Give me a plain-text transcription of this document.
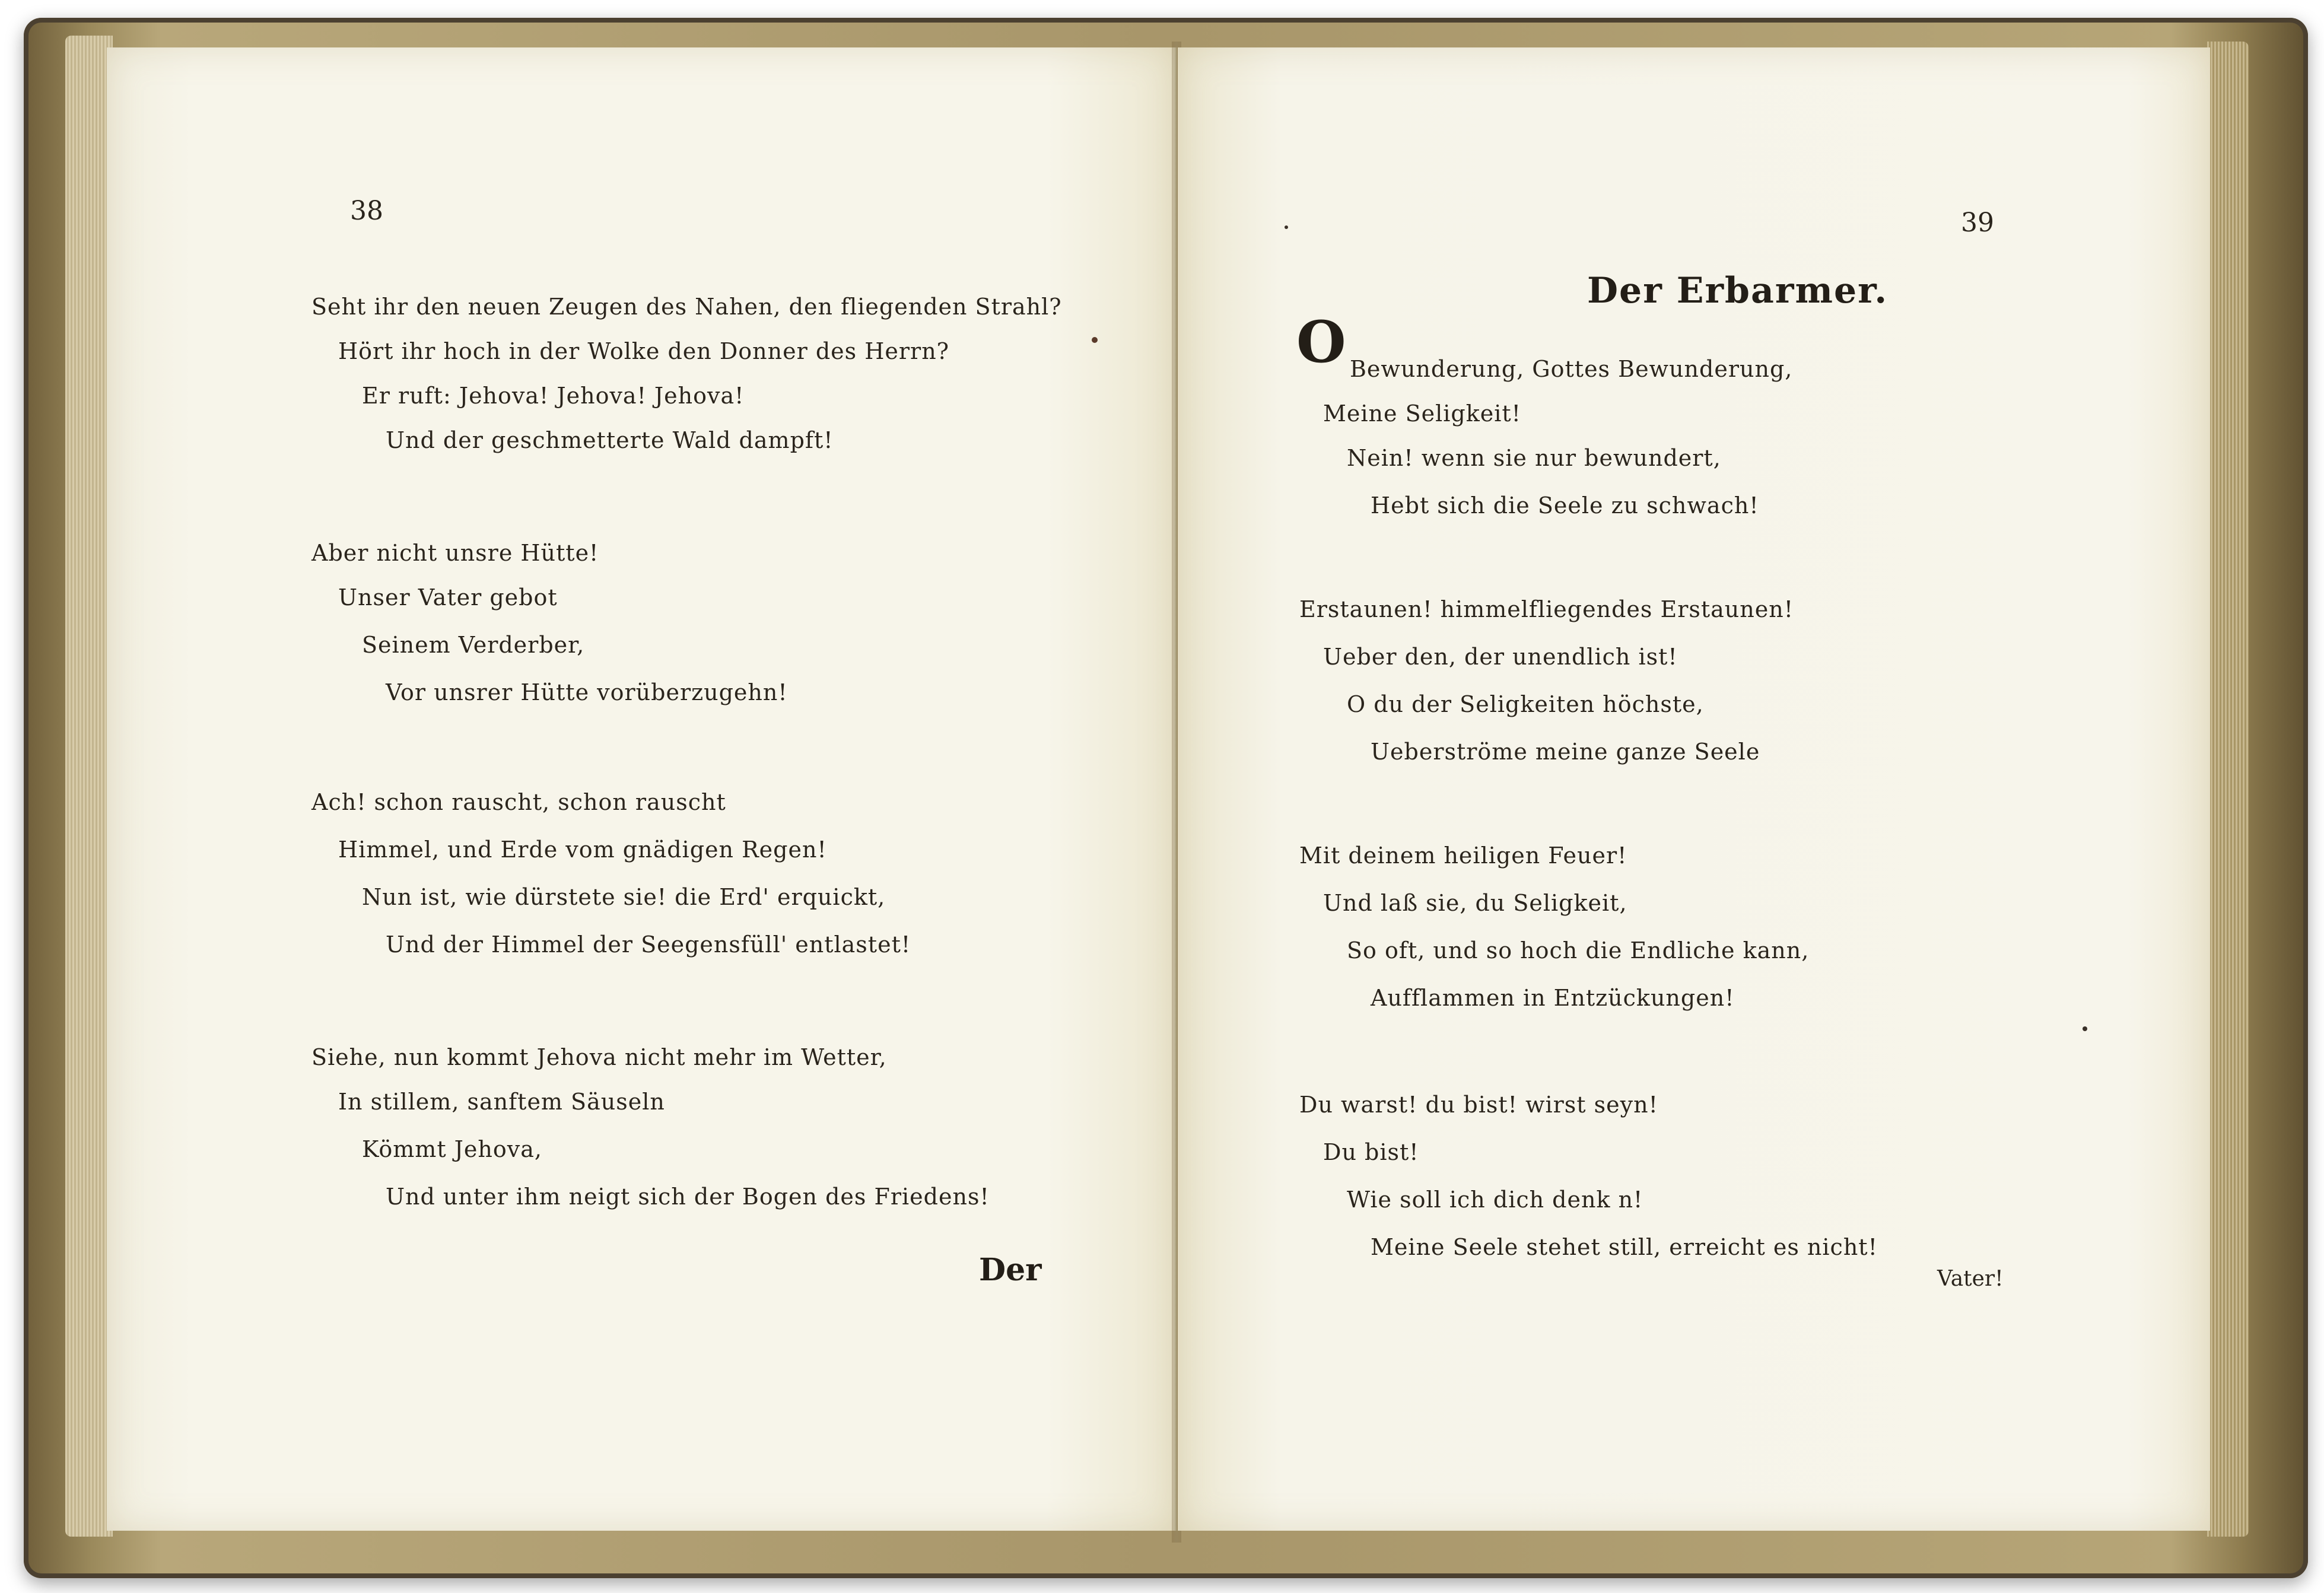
38
Seht ihr den neuen Zeugen des Nahen, den fliegenden Strahl?
Hört ihr hoch in der Wolke den Donner des Herrn?
Er ruft: Jehova! Jehova! Jehova!
Und der geschmetterte Wald dampft!
Aber nicht unsre Hütte!
Unser Vater gebot
Seinem Verderber,
Vor unsrer Hütte vorüberzugehn!
Ach! schon rauscht, schon rauscht
Himmel, und Erde vom gnädigen Regen!
Nun ist, wie dürstete sie! die Erd' erquickt,
Und der Himmel der Seegensfüll' entlastet!
Siehe, nun kommt Jehova nicht mehr im Wetter,
In stillem, sanftem Säuseln
Kömmt Jehova,
Und unter ihm neigt sich der Bogen des Friedens!
Der
39
Der Erbarmer.
O Bewunderung, Gottes Bewunderung,
Meine Seligkeit!
Nein! wenn sie nur bewundert,
Hebt sich die Seele zu schwach!
Erstaunen! himmelfliegendes Erstaunen!
Ueber den, der unendlich ist!
O du der Seligkeiten höchste,
Ueberströme meine ganze Seele
Mit deinem heiligen Feuer!
Und laß sie, du Seligkeit,
So oft, und so hoch die Endliche kann,
Aufflammen in Entzückungen!
Du warst! du bist! wirst seyn!
Du bist!
Wie soll ich dich denk n!
Meine Seele stehet still, erreicht es nicht!
Vater!
